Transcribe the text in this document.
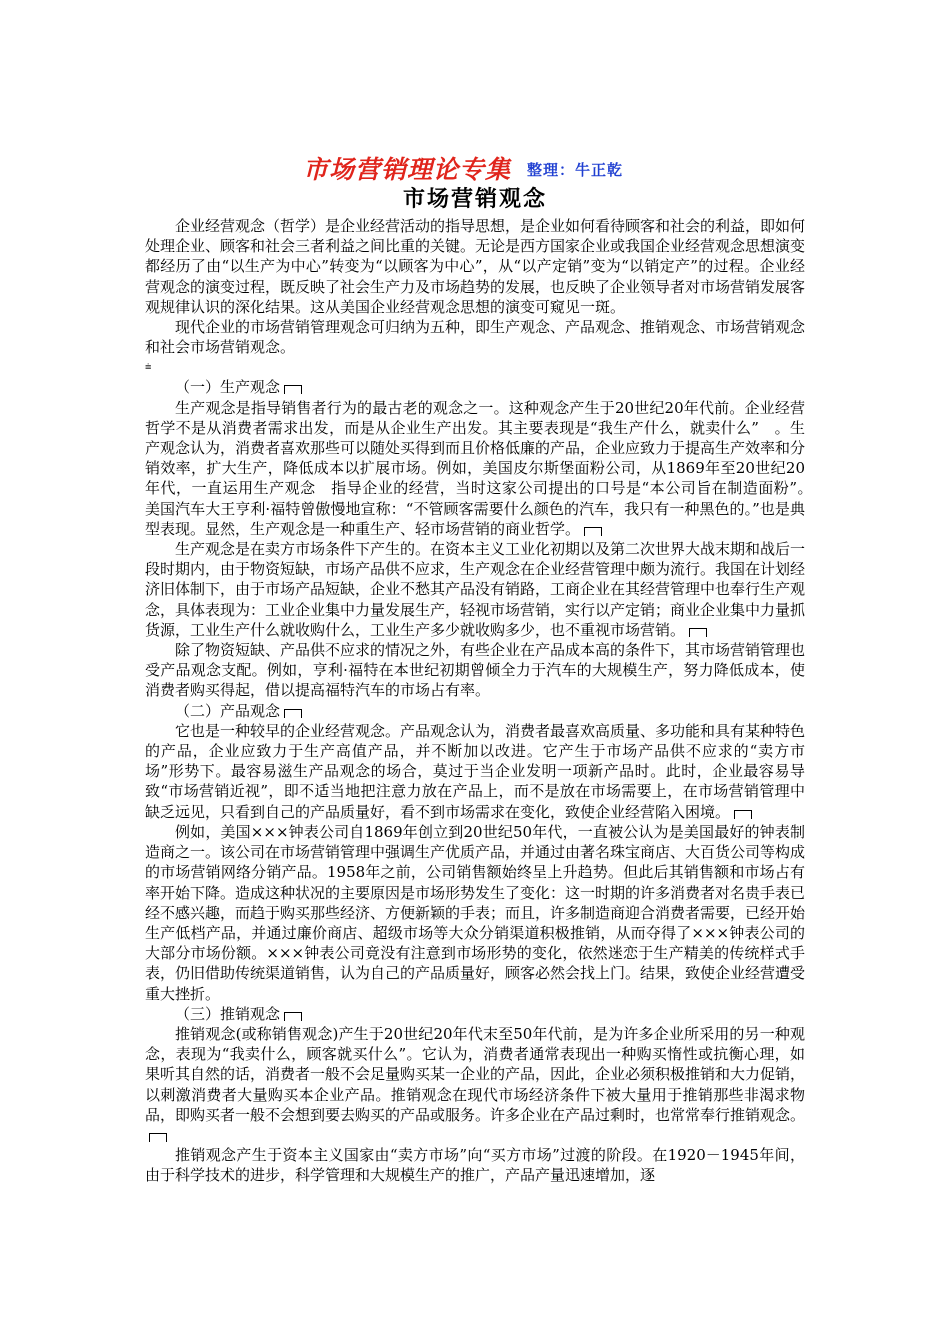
市场营销理论专集 整理：牛正乾
市场营销观念

企业经营观念（哲学）是企业经营活动的指导思想，是企业如何看待顾客和社会的利益，即如何处理企业、顾客和社会三者利益之间比重的关键。无论是西方国家企业或我国企业经营观念思想演变都经历了由“以生产为中心”转变为“以顾客为中心”，从“以产定销”变为“以销定产”的过程。企业经营观念的演变过程，既反映了社会生产力及市场趋势的发展，也反映了企业领导者对市场营销发展客观规律认识的深化结果。这从美国企业经营观念思想的演变可窥见一斑。

现代企业的市场营销管理观念可归纳为五种，即生产观念、产品观念、推销观念、市场营销观念和社会市场营销观念。

⩧

（一）生产观念

生产观念是指导销售者行为的最古老的观念之一。这种观念产生于20世纪20年代前。企业经营哲学不是从消费者需求出发，而是从企业生产出发。其主要表现是“我生产什么，就卖什么”　。生产观念认为，消费者喜欢那些可以随处买得到而且价格低廉的产品，企业应致力于提高生产效率和分销效率，扩大生产，降低成本以扩展市场。例如，美国皮尔斯堡面粉公司，从1869年至20世纪20年代，一直运用生产观念　指导企业的经营，当时这家公司提出的口号是“本公司旨在制造面粉”。　美国汽车大王亨利·福特曾傲慢地宣称：“不管顾客需要什么颜色的汽车，我只有一种黑色的。”也是典型表现。显然，生产观念是一种重生产、轻市场营销的商业哲学。

生产观念是在卖方市场条件下产生的。在资本主义工业化初期以及第二次世界大战末期和战后一段时期内，由于物资短缺，市场产品供不应求，生产观念在企业经营管理中颇为流行。我国在计划经济旧体制下，由于市场产品短缺，企业不愁其产品没有销路，工商企业在其经营管理中也奉行生产观念，具体表现为：工业企业集中力量发展生产，轻视市场营销，实行以产定销；商业企业集中力量抓货源，工业生产什么就收购什么，工业生产多少就收购多少，也不重视市场营销。

除了物资短缺、产品供不应求的情况之外，有些企业在产品成本高的条件下，其市场营销管理也受产品观念支配。例如，亨利·福特在本世纪初期曾倾全力于汽车的大规模生产，努力降低成本，使消费者购买得起，借以提高福特汽车的市场占有率。

（二）产品观念

它也是一种较早的企业经营观念。产品观念认为，消费者最喜欢高质量、多功能和具有某种特色的产品，企业应致力于生产高值产品，并不断加以改进。它产生于市场产品供不应求的“卖方市场”形势下。最容易滋生产品观念的场合，莫过于当企业发明一项新产品时。此时，企业最容易导致“市场营销近视”，即不适当地把注意力放在产品上，而不是放在市场需要上，在市场营销管理中缺乏远见，只看到自己的产品质量好，看不到市场需求在变化，致使企业经营陷入困境。

例如，美国×××钟表公司自1869年创立到20世纪50年代，一直被公认为是美国最好的钟表制造商之一。该公司在市场营销管理中强调生产优质产品，并通过由著名珠宝商店、大百货公司等构成的市场营销网络分销产品。1958年之前，公司销售额始终呈上升趋势。但此后其销售额和市场占有率开始下降。造成这种状况的主要原因是市场形势发生了变化：这一时期的许多消费者对名贵手表已经不感兴趣，而趋于购买那些经济、方便新颖的手表；而且，许多制造商迎合消费者需要，已经开始生产低档产品，并通过廉价商店、超级市场等大众分销渠道积极推销，从而夺得了×××钟表公司的大部分市场份额。×××钟表公司竟没有注意到市场形势的变化，依然迷恋于生产精美的传统样式手表，仍旧借助传统渠道销售，认为自己的产品质量好，顾客必然会找上门。结果，致使企业经营遭受重大挫折。

（三）推销观念

推销观念(或称销售观念)产生于20世纪20年代末至50年代前，是为许多企业所采用的另一种观念，表现为“我卖什么，顾客就买什么”。它认为，消费者通常表现出一种购买惰性或抗衡心理，如果听其自然的话，消费者一般不会足量购买某一企业的产品，因此，企业必须积极推销和大力促销，以刺激消费者大量购买本企业产品。推销观念在现代市场经济条件下被大量用于推销那些非渴求物品，即购买者一般不会想到要去购买的产品或服务。许多企业在产品过剩时，也常常奉行推销观念。

推销观念产生于资本主义国家由“卖方市场”向“买方市场”过渡的阶段。在1920－1945年间，由于科学技术的进步，科学管理和大规模生产的推广，产品产量迅速增加，逐
